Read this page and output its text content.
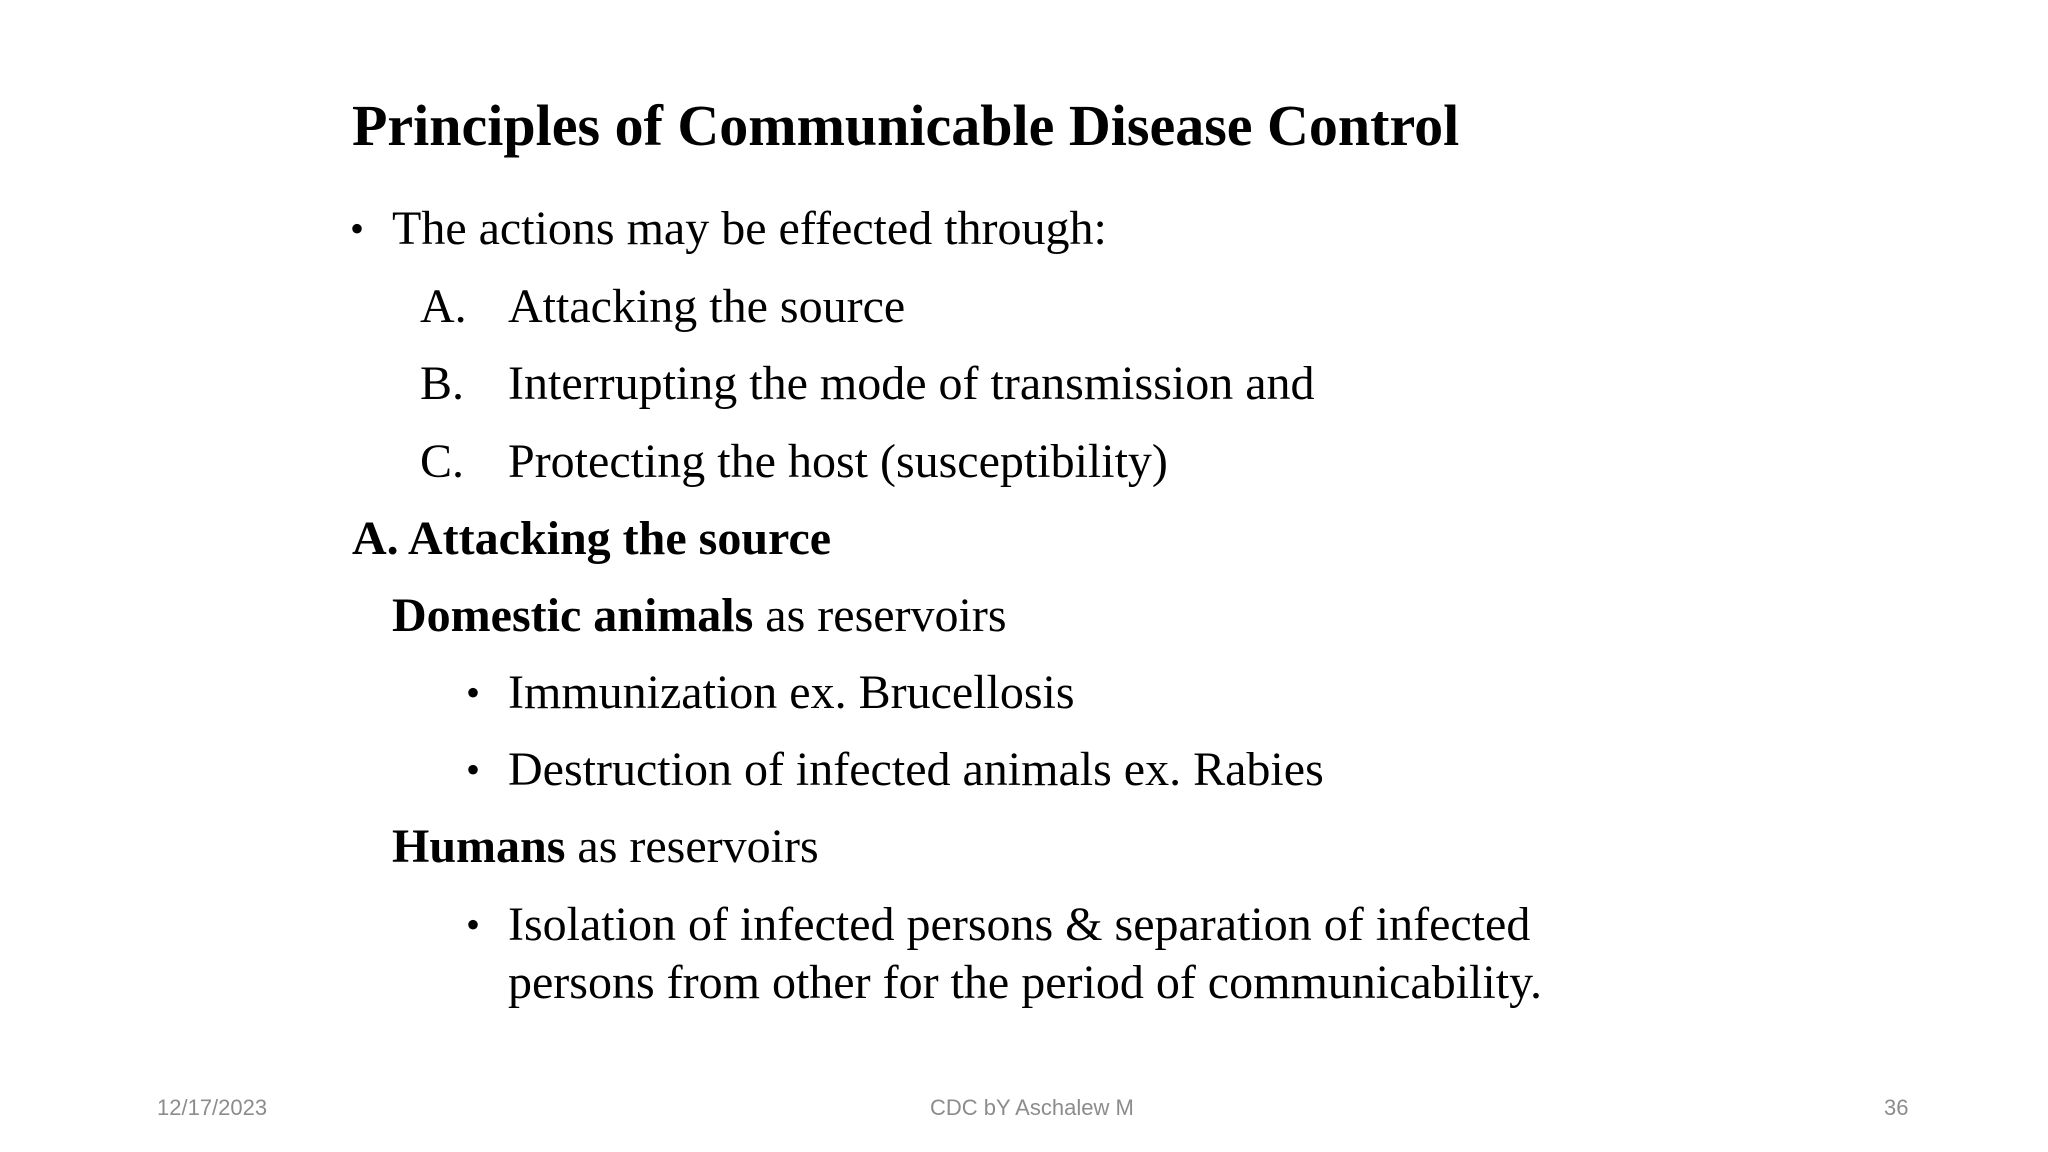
Principles of Communicable Disease Control
• The actions may be effected through:
A. Attacking the source
B. Interrupting the mode of transmission and
C. Protecting the host (susceptibility)
A. Attacking the source
Domestic animals as reservoirs
• Immunization ex. Brucellosis
• Destruction of infected animals ex. Rabies
Humans as reservoirs
• Isolation of infected persons & separation of infected
persons from other for the period of communicability.
12/17/2023	CDC bY Aschalew M	36
